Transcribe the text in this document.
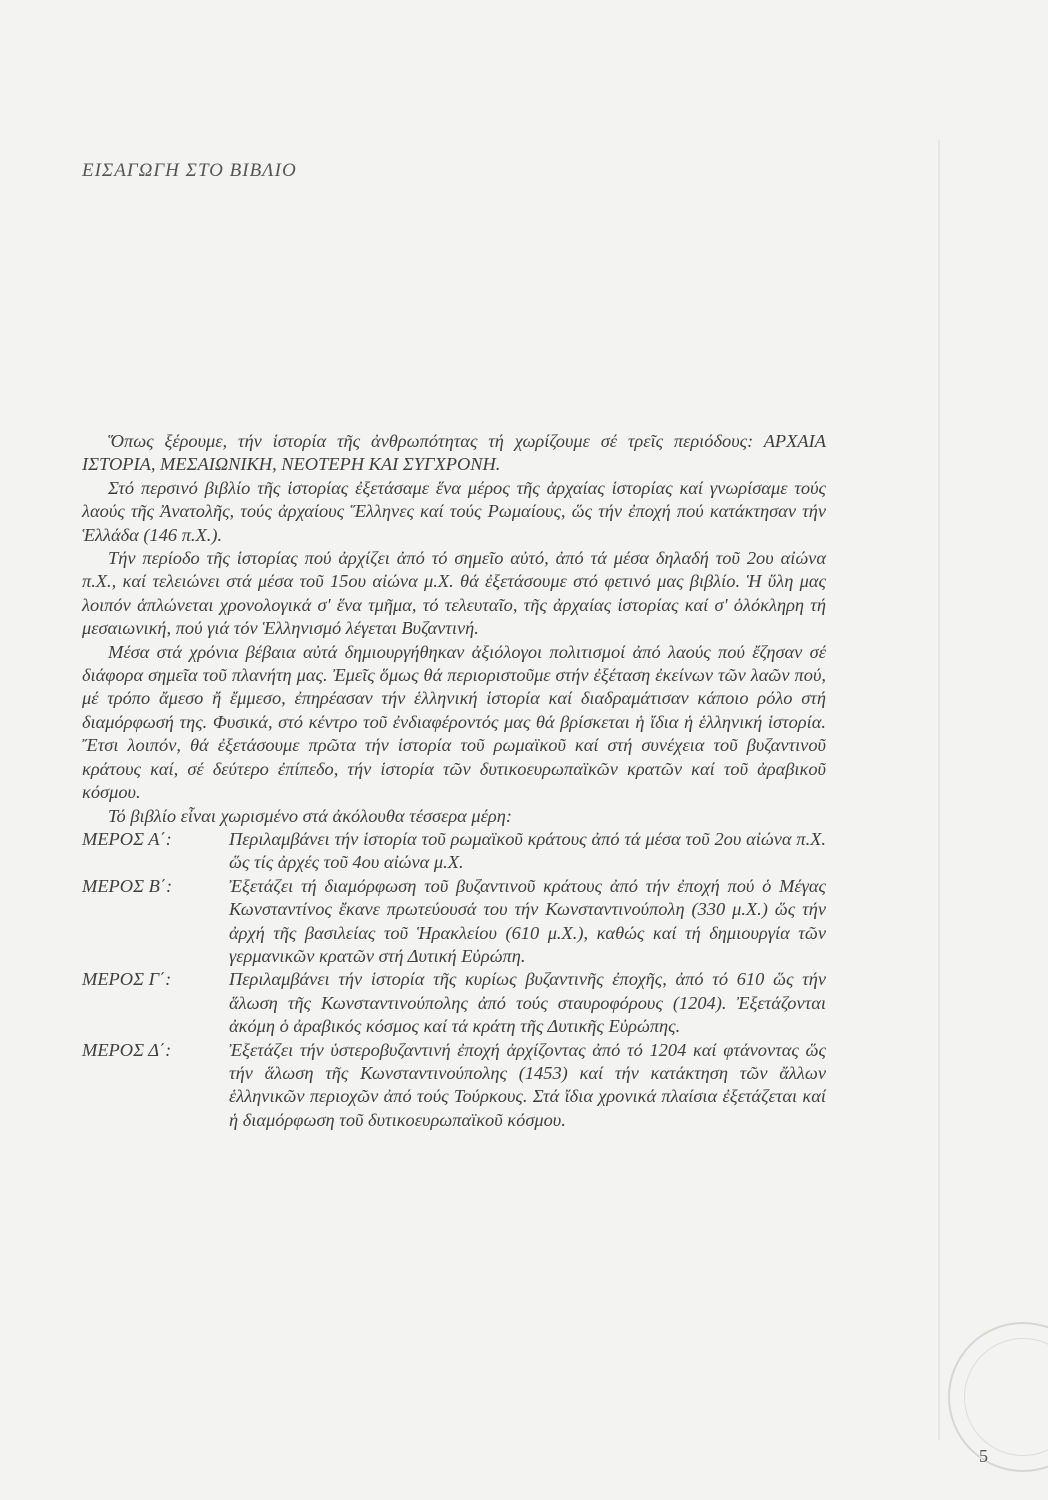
ΕΙΣΑΓΩΓΗ ΣΤΟ ΒΙΒΛΙΟ

Ὅπως ξέρουμε, τήν ἱστορία τῆς ἀνθρωπότητας τή χωρίζουμε σέ τρεῖς περιόδους: ΑΡΧΑΙΑ ΙΣΤΟΡΙΑ, ΜΕΣΑΙΩΝΙΚΗ, ΝΕΟΤΕΡΗ ΚΑΙ ΣΥΓΧΡΟΝΗ.

Στό περσινό βιβλίο τῆς ἱστορίας ἐξετάσαμε ἕνα μέρος τῆς ἀρχαίας ἱστορίας καί γνωρίσαμε τούς λαούς τῆς Ἀνατολῆς, τούς ἀρχαίους Ἕλληνες καί τούς Ρωμαίους, ὥς τήν ἐποχή πού κατάκτησαν τήν Ἑλλάδα (146 π.Χ.).

Τήν περίοδο τῆς ἱστορίας πού ἀρχίζει ἀπό τό σημεῖο αὐτό, ἀπό τά μέσα δηλαδή τοῦ 2ου αἰώνα π.Χ., καί τελειώνει στά μέσα τοῦ 15ου αἰώνα μ.Χ. θά ἐξετάσουμε στό φετινό μας βιβλίο. Ἡ ὕλη μας λοιπόν ἁπλώνεται χρονολογικά σ' ἕνα τμῆμα, τό τελευταῖο, τῆς ἀρχαίας ἱστορίας καί σ' ὁλόκληρη τή μεσαιωνική, πού γιά τόν Ἑλληνισμό λέγεται Βυζαντινή.

Μέσα στά χρόνια βέβαια αὐτά δημιουργήθηκαν ἀξιόλογοι πολιτισμοί ἀπό λαούς πού ἔζησαν σέ διάφορα σημεῖα τοῦ πλανήτη μας. Ἐμεῖς ὅμως θά περιοριστοῦμε στήν ἐξέταση ἐκείνων τῶν λαῶν πού, μέ τρόπο ἄμεσο ἤ ἔμμεσο, ἐπηρέασαν τήν ἑλληνική ἱστορία καί διαδραμάτισαν κάποιο ρόλο στή διαμόρφωσή της. Φυσικά, στό κέντρο τοῦ ἐνδιαφέροντός μας θά βρίσκεται ἡ ἴδια ἡ ἑλληνική ἱστορία. Ἔτσι λοιπόν, θά ἐξετάσουμε πρῶτα τήν ἱστορία τοῦ ρωμαϊκοῦ καί στή συνέχεια τοῦ βυζαντινοῦ κράτους καί, σέ δεύτερο ἐπίπεδο, τήν ἱστορία τῶν δυτικοευρωπαϊκῶν κρατῶν καί τοῦ ἀραβικοῦ κόσμου.

Τό βιβλίο εἶναι χωρισμένο στά ἀκόλουθα τέσσερα μέρη:

ΜΕΡΟΣ Α΄:	Περιλαμβάνει τήν ἱστορία τοῦ ρωμαϊκοῦ κράτους ἀπό τά μέσα τοῦ 2ου αἰώνα π.Χ. ὥς τίς ἀρχές τοῦ 4ου αἰώνα μ.Χ.
ΜΕΡΟΣ Β΄:	Ἐξετάζει τή διαμόρφωση τοῦ βυζαντινοῦ κράτους ἀπό τήν ἐποχή πού ὁ Μέγας Κωνσταντίνος ἔκανε πρωτεύουσά του τήν Κωνσταντινούπολη (330 μ.Χ.) ὥς τήν ἀρχή τῆς βασιλείας τοῦ Ἡρακλείου (610 μ.Χ.), καθώς καί τή δημιουργία τῶν γερμανικῶν κρατῶν στή Δυτική Εὐρώπη.
ΜΕΡΟΣ Γ΄:	Περιλαμβάνει τήν ἱστορία τῆς κυρίως βυζαντινῆς ἐποχῆς, ἀπό τό 610 ὥς τήν ἅλωση τῆς Κωνσταντινούπολης ἀπό τούς σταυροφόρους (1204). Ἐξετάζονται ἀκόμη ὁ ἀραβικός κόσμος καί τά κράτη τῆς Δυτικῆς Εὐρώπης.
ΜΕΡΟΣ Δ΄:	Ἐξετάζει τήν ὑστεροβυζαντινή ἐποχή ἀρχίζοντας ἀπό τό 1204 καί φτάνοντας ὥς τήν ἅλωση τῆς Κωνσταντινούπολης (1453) καί τήν κατάκτηση τῶν ἄλλων ἑλληνικῶν περιοχῶν ἀπό τούς Τούρκους. Στά ἴδια χρονικά πλαίσια ἐξετάζεται καί ἡ διαμόρφωση τοῦ δυτικοευρωπαϊκοῦ κόσμου.
5
